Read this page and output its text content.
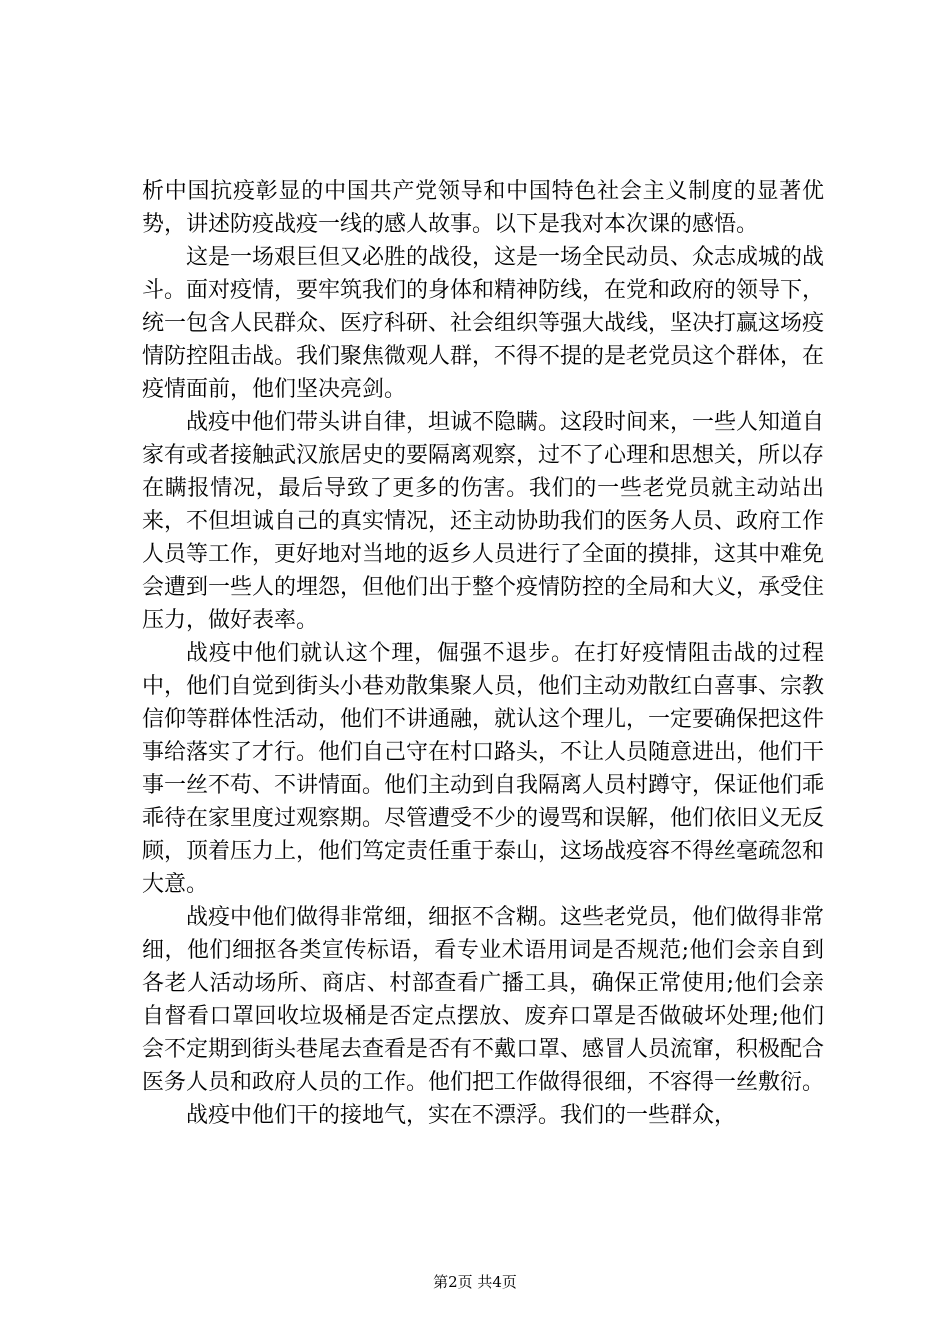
析中国抗疫彰显的中国共产党领导和中国特色社会主义制度的显著优势，讲述防疫战疫一线的感人故事。以下是我对本次课的感悟。

这是一场艰巨但又必胜的战役，这是一场全民动员、众志成城的战斗。面对疫情，要牢筑我们的身体和精神防线，在党和政府的领导下，统一包含人民群众、医疗科研、社会组织等强大战线，坚决打赢这场疫情防控阻击战。我们聚焦微观人群，不得不提的是老党员这个群体，在疫情面前，他们坚决亮剑。

战疫中他们带头讲自律，坦诚不隐瞒。这段时间来，一些人知道自家有或者接触武汉旅居史的要隔离观察，过不了心理和思想关，所以存在瞒报情况，最后导致了更多的伤害。我们的一些老党员就主动站出来，不但坦诚自己的真实情况，还主动协助我们的医务人员、政府工作人员等工作，更好地对当地的返乡人员进行了全面的摸排，这其中难免会遭到一些人的埋怨，但他们出于整个疫情防控的全局和大义，承受住压力，做好表率。

战疫中他们就认这个理，倔强不退步。在打好疫情阻击战的过程中，他们自觉到街头小巷劝散集聚人员，他们主动劝散红白喜事、宗教信仰等群体性活动，他们不讲通融，就认这个理儿，一定要确保把这件事给落实了才行。他们自己守在村口路头，不让人员随意进出，他们干事一丝不苟、不讲情面。他们主动到自我隔离人员村蹲守，保证他们乖乖待在家里度过观察期。尽管遭受不少的谩骂和误解，他们依旧义无反顾，顶着压力上，他们笃定责任重于泰山，这场战疫容不得丝毫疏忽和大意。

战疫中他们做得非常细，细抠不含糊。这些老党员，他们做得非常细，他们细抠各类宣传标语，看专业术语用词是否规范;他们会亲自到各老人活动场所、商店、村部查看广播工具，确保正常使用;他们会亲自督看口罩回收垃圾桶是否定点摆放、废弃口罩是否做破坏处理;他们会不定期到街头巷尾去查看是否有不戴口罩、感冒人员流窜，积极配合医务人员和政府人员的工作。他们把工作做得很细，不容得一丝敷衍。

战疫中他们干的接地气，实在不漂浮。我们的一些群众，

第2页 共4页
